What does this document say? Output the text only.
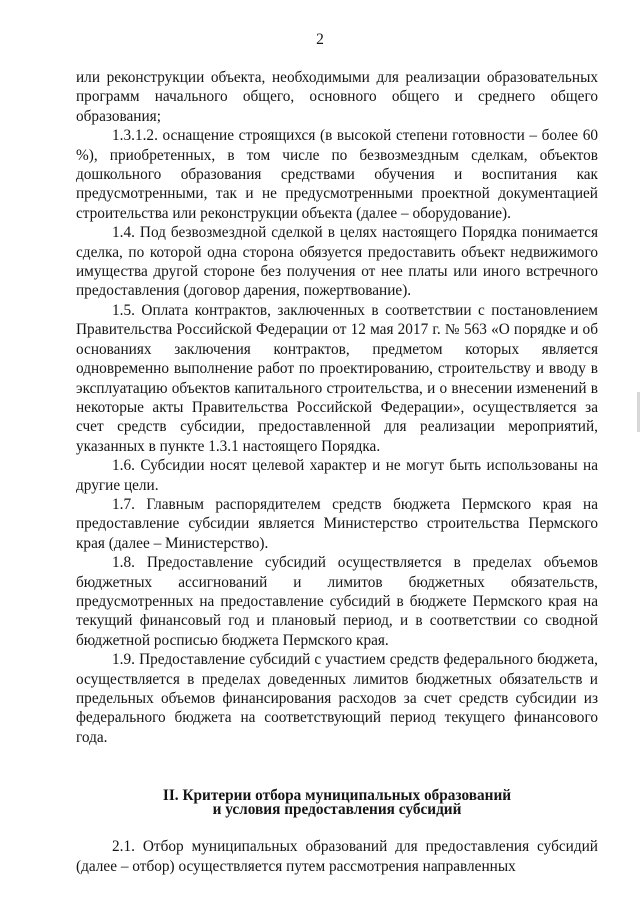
2

или реконструкции объекта, необходимыми для реализации образовательных программ начального общего, основного общего и среднего общего образования;

1.3.1.2. оснащение строящихся (в высокой степени готовности – более 60 %), приобретенных, в том числе по безвозмездным сделкам, объектов дошкольного образования средствами обучения и воспитания как предусмотренными, так и не предусмотренными проектной документацией строительства или реконструкции объекта (далее – оборудование).

1.4. Под безвозмездной сделкой в целях настоящего Порядка понимается сделка, по которой одна сторона обязуется предоставить объект недвижимого имущества другой стороне без получения от нее платы или иного встречного предоставления (договор дарения, пожертвование).

1.5. Оплата контрактов, заключенных в соответствии с постановлением Правительства Российской Федерации от 12 мая 2017 г. № 563 «О порядке и об основаниях заключения контрактов, предметом которых является одновременно выполнение работ по проектированию, строительству и вводу в эксплуатацию объектов капитального строительства, и о внесении изменений в некоторые акты Правительства Российской Федерации», осуществляется за счет средств субсидии, предоставленной для реализации мероприятий, указанных в пункте 1.3.1 настоящего Порядка.

1.6. Субсидии носят целевой характер и не могут быть использованы на другие цели.

1.7. Главным распорядителем средств бюджета Пермского края на предоставление субсидии является Министерство строительства Пермского края (далее – Министерство).

1.8. Предоставление субсидий осуществляется в пределах объемов бюджетных ассигнований и лимитов бюджетных обязательств, предусмотренных на предоставление субсидий в бюджете Пермского края на текущий финансовый год и плановый период, и в соответствии со сводной бюджетной росписью бюджета Пермского края.

1.9. Предоставление субсидий с участием средств федерального бюджета, осуществляется в пределах доведенных лимитов бюджетных обязательств и предельных объемов финансирования расходов за счет средств субсидии из федерального бюджета на соответствующий период текущего финансового года.

II. Критерии отбора муниципальных образований
и условия предоставления субсидий

2.1. Отбор муниципальных образований для предоставления субсидий (далее – отбор) осуществляется путем рассмотрения направленных
